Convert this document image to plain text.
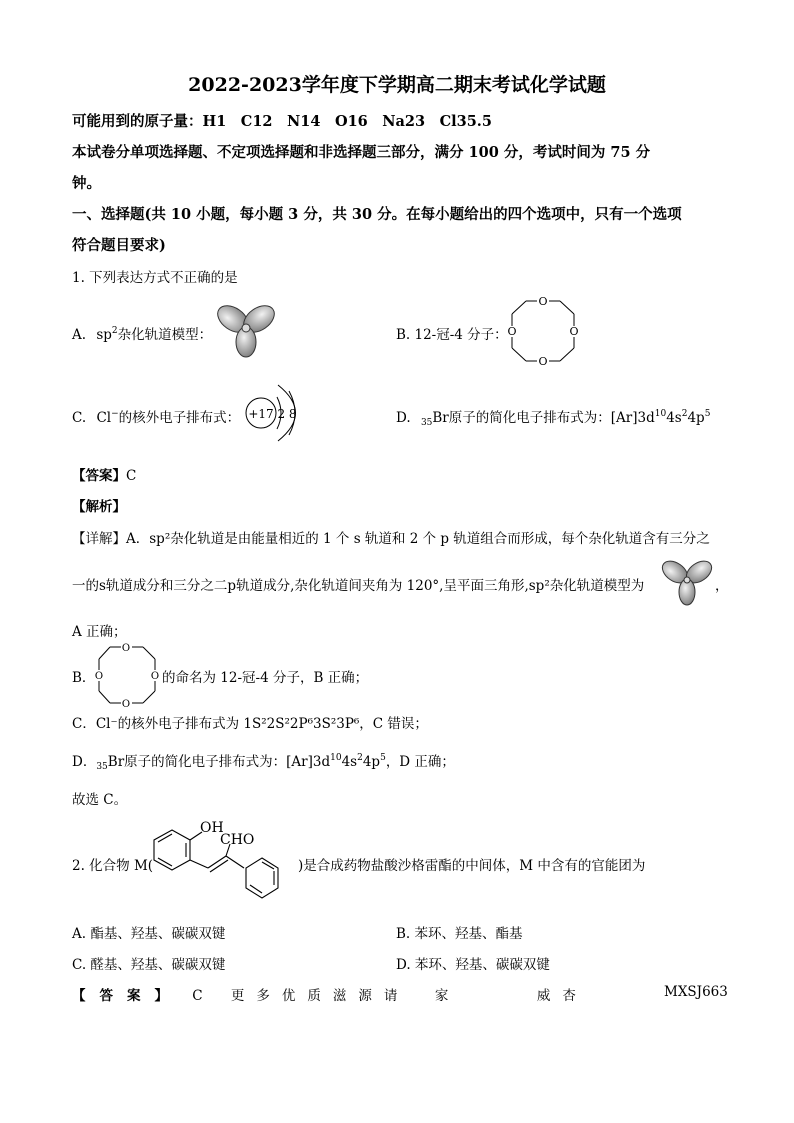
2022-2023学年度下学期高二期末考试化学试题
可能用到的原子量：H1　C12　N14　O16　Na23　Cl35.5
本试卷分单项选择题、不定项选择题和非选择题三部分，满分 100 分，考试时间为 75 分
钟。
一、选择题(共 10 小题，每小题 3 分，共 30 分。在每小题给出的四个选项中，只有一个选项
符合题目要求)
1. 下列表达方式不正确的是
A. $sp^2$杂化轨道模型：	B. 12-冠-4 分子：
O
O
O
O
C. Cl−的核外电子排布式： +17 2 8	D. $_{35}$Br原子的简化电子排布式为：$[Ar]3d^{10}4s^24p^5$
【答案】C
【解析】
【详解】A．sp²杂化轨道是由能量相近的 1 个 s 轨道和 2 个 p 轨道组合而形成，每个杂化轨道含有三分之
一的s轨道成分和三分之二p轨道成分,杂化轨道间夹角为 120°,呈平面三角形,sp²杂化轨道模型为	，
A 正确；
B．
O
O
O
O	的命名为 12-冠-4 分子，B 正确；
C．Cl⁻的核外电子排布式为 1S²2S²2P⁶3S²3P⁶，C 错误；
D．$_{35}$Br原子的简化电子排布式为：$[Ar]3d^{10}4s^24p^5$，D 正确；
故选 C。
2. 化合物 M(
OH
CHO
)是合成药物盐酸沙格雷酯的中间体，M 中含有的官能团为
A. 酯基、羟基、碳碳双键	B. 苯环、羟基、酯基
C. 醛基、羟基、碳碳双键	D. 苯环、羟基、碳碳双键
【答案】 C 更多优质滋源请　家　　　威杏	MXSJ663
